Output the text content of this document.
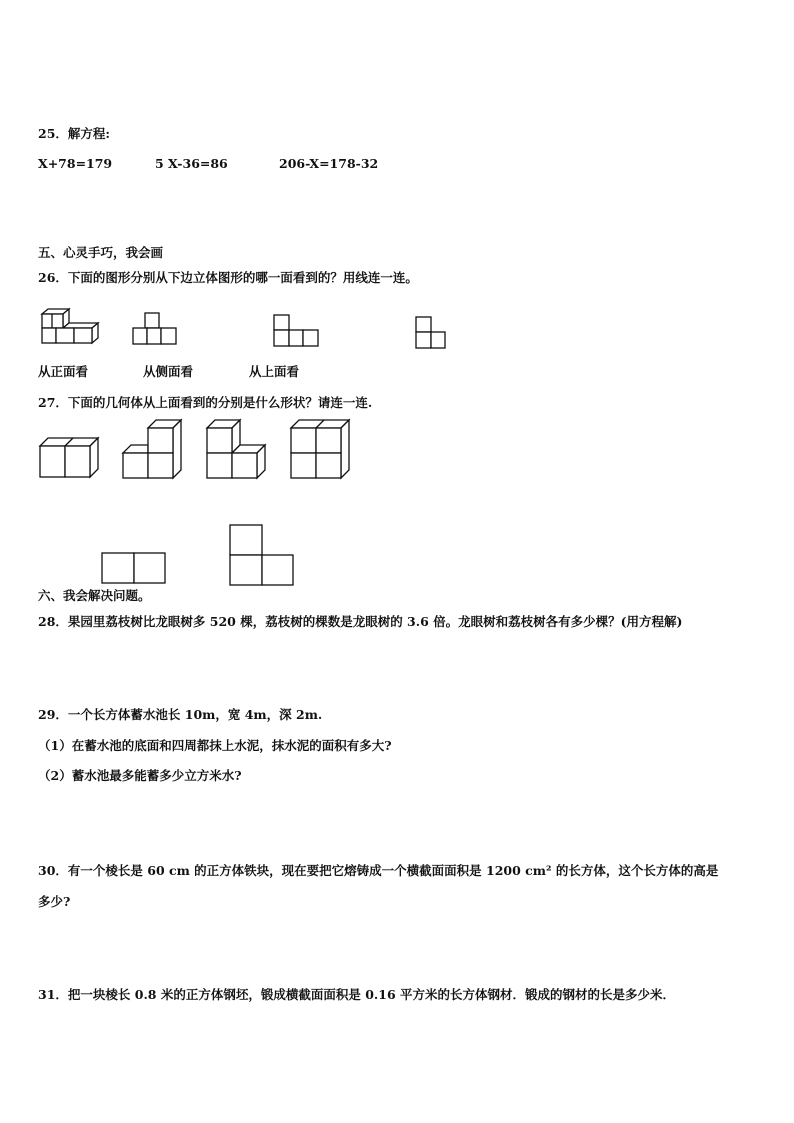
25．解方程:
X+78=179	5 X-36=86	206-X=178-32
五、心灵手巧，我会画
26．下面的图形分别从下边立体图形的哪一面看到的？用线连一连。
从正面看	从侧面看	从上面看
27．下面的几何体从上面看到的分别是什么形状？请连一连.
六、我会解决问题。
28．果园里荔枝树比龙眼树多 520 棵，荔枝树的棵数是龙眼树的 3.6 倍。龙眼树和荔枝树各有多少棵？(用方程解)
29．一个长方体蓄水池长 10m，宽 4m，深 2m.
（1）在蓄水池的底面和四周都抹上水泥，抹水泥的面积有多大?
（2）蓄水池最多能蓄多少立方米水?
30．有一个棱长是 60 cm 的正方体铁块，现在要把它熔铸成一个横截面面积是 1200 cm² 的长方体，这个长方体的高是
多少?
31．把一块棱长 0.8 米的正方体钢坯，锻成横截面面积是 0.16 平方米的长方体钢材．锻成的钢材的长是多少米．
